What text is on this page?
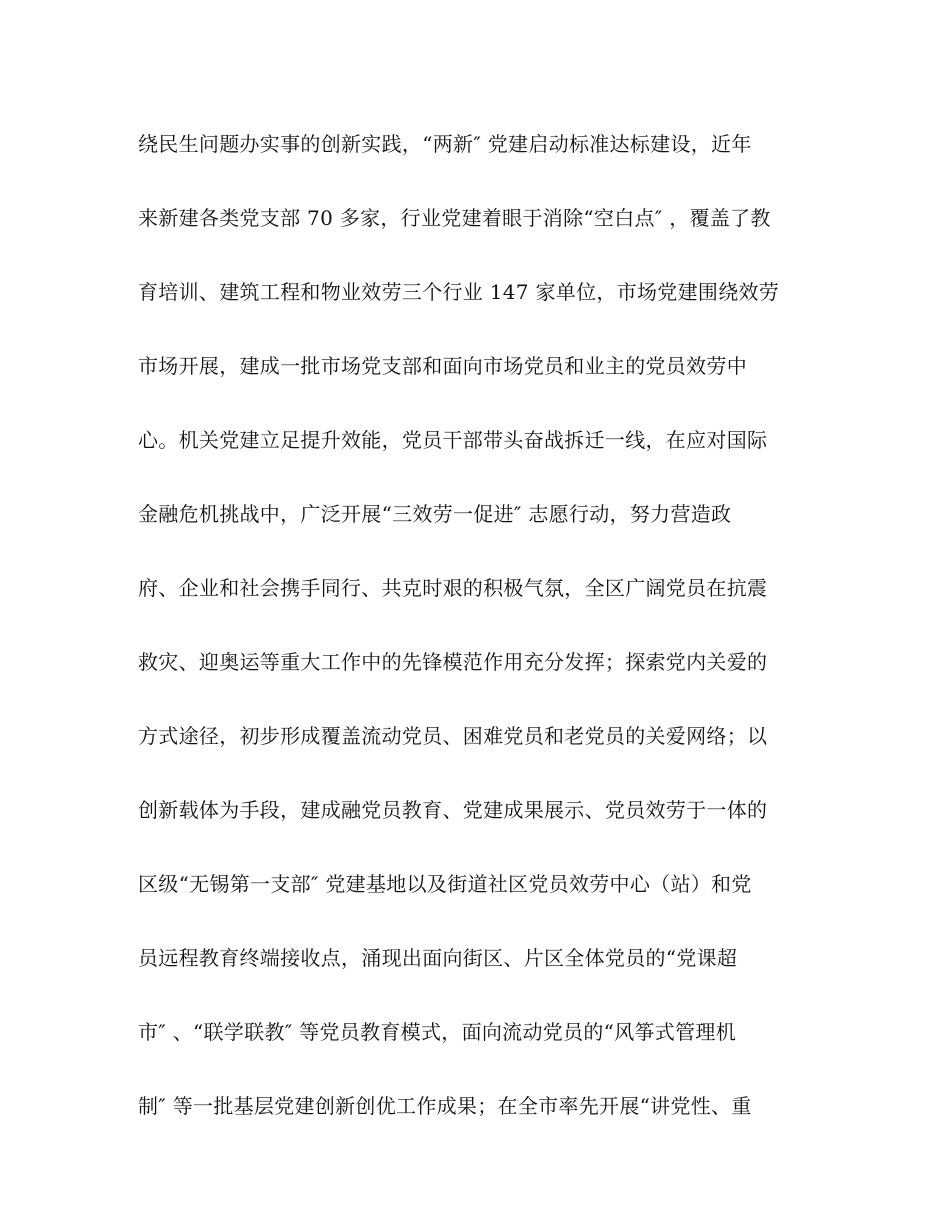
绕民生问题办实事的创新实践，“两新″ 党建启动标准达标建设，近年
来新建各类党支部 70 多家，行业党建着眼于消除“空白点″ ，覆盖了教
育培训、建筑工程和物业效劳三个行业 147 家单位，市场党建围绕效劳
市场开展，建成一批市场党支部和面向市场党员和业主的党员效劳中
心。机关党建立足提升效能，党员干部带头奋战拆迁一线，在应对国际
金融危机挑战中，广泛开展“三效劳一促进″ 志愿行动，努力营造政
府、企业和社会携手同行、共克时艰的积极气氛，全区广阔党员在抗震
救灾、迎奥运等重大工作中的先锋模范作用充分发挥；探索党内关爱的
方式途径，初步形成覆盖流动党员、困难党员和老党员的关爱网络；以
创新载体为手段，建成融党员教育、党建成果展示、党员效劳于一体的
区级“无锡第一支部″ 党建基地以及街道社区党员效劳中心（站）和党
员远程教育终端接收点，涌现出面向街区、片区全体党员的“党课超
市″ 、“联学联教″ 等党员教育模式，面向流动党员的“风筝式管理机
制″ 等一批基层党建创新创优工作成果；在全市率先开展“讲党性、重
